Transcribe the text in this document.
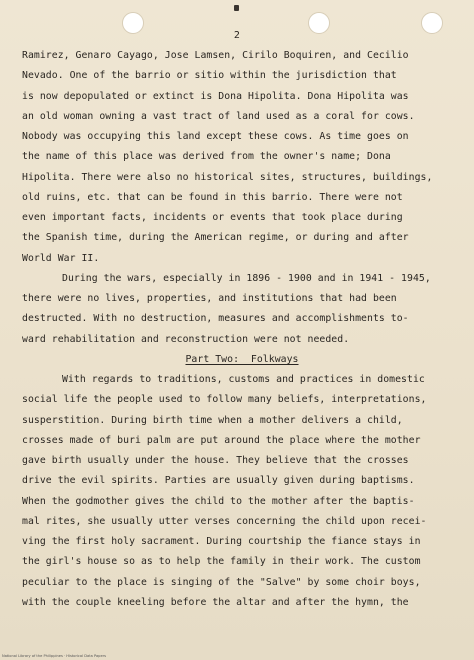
2
Ramirez, Genaro Cayago, Jose Lamsen, Cirilo Boquiren, and Cecilio
Nevado. One of the barrio or sitio within the jurisdiction that
is now depopulated or extinct is Dona Hipolita. Dona Hipolita was
an old woman owning a vast tract of land used as a coral for cows.
Nobody was occupying this land except these cows. As time goes on
the name of this place was derived from the owner's name; Dona
Hipolita. There were also no historical sites, structures, buildings,
old ruins, etc. that can be found in this barrio. There were not
even important facts, incidents or events that took place during
the Spanish time, during the American regime, or during and after
World War II.
During the wars, especially in 1896 - 1900 and in 1941 - 1945,
there were no lives, properties, and institutions that had been
destructed. With no destruction, measures and accomplishments to-
ward rehabilitation and reconstruction were not needed.
Part Two:  Folkways
With regards to traditions, customs and practices in domestic
social life the people used to follow many beliefs, interpretations,
susperstition. During birth time when a mother delivers a child,
crosses made of buri palm are put around the place where the mother
gave birth usually under the house. They believe that the crosses
drive the evil spirits. Parties are usually given during baptisms.
When the godmother gives the child to the mother after the baptis-
mal rites, she usually utter verses concerning the child upon recei-
ving the first holy sacrament. During courtship the fiance stays in
the girl's house so as to help the family in their work. The custom
peculiar to the place is singing of the "Salve" by some choir boys,
with the couple kneeling before the altar and after the hymn, the
National Library of the Philippines · Historical Data Papers
